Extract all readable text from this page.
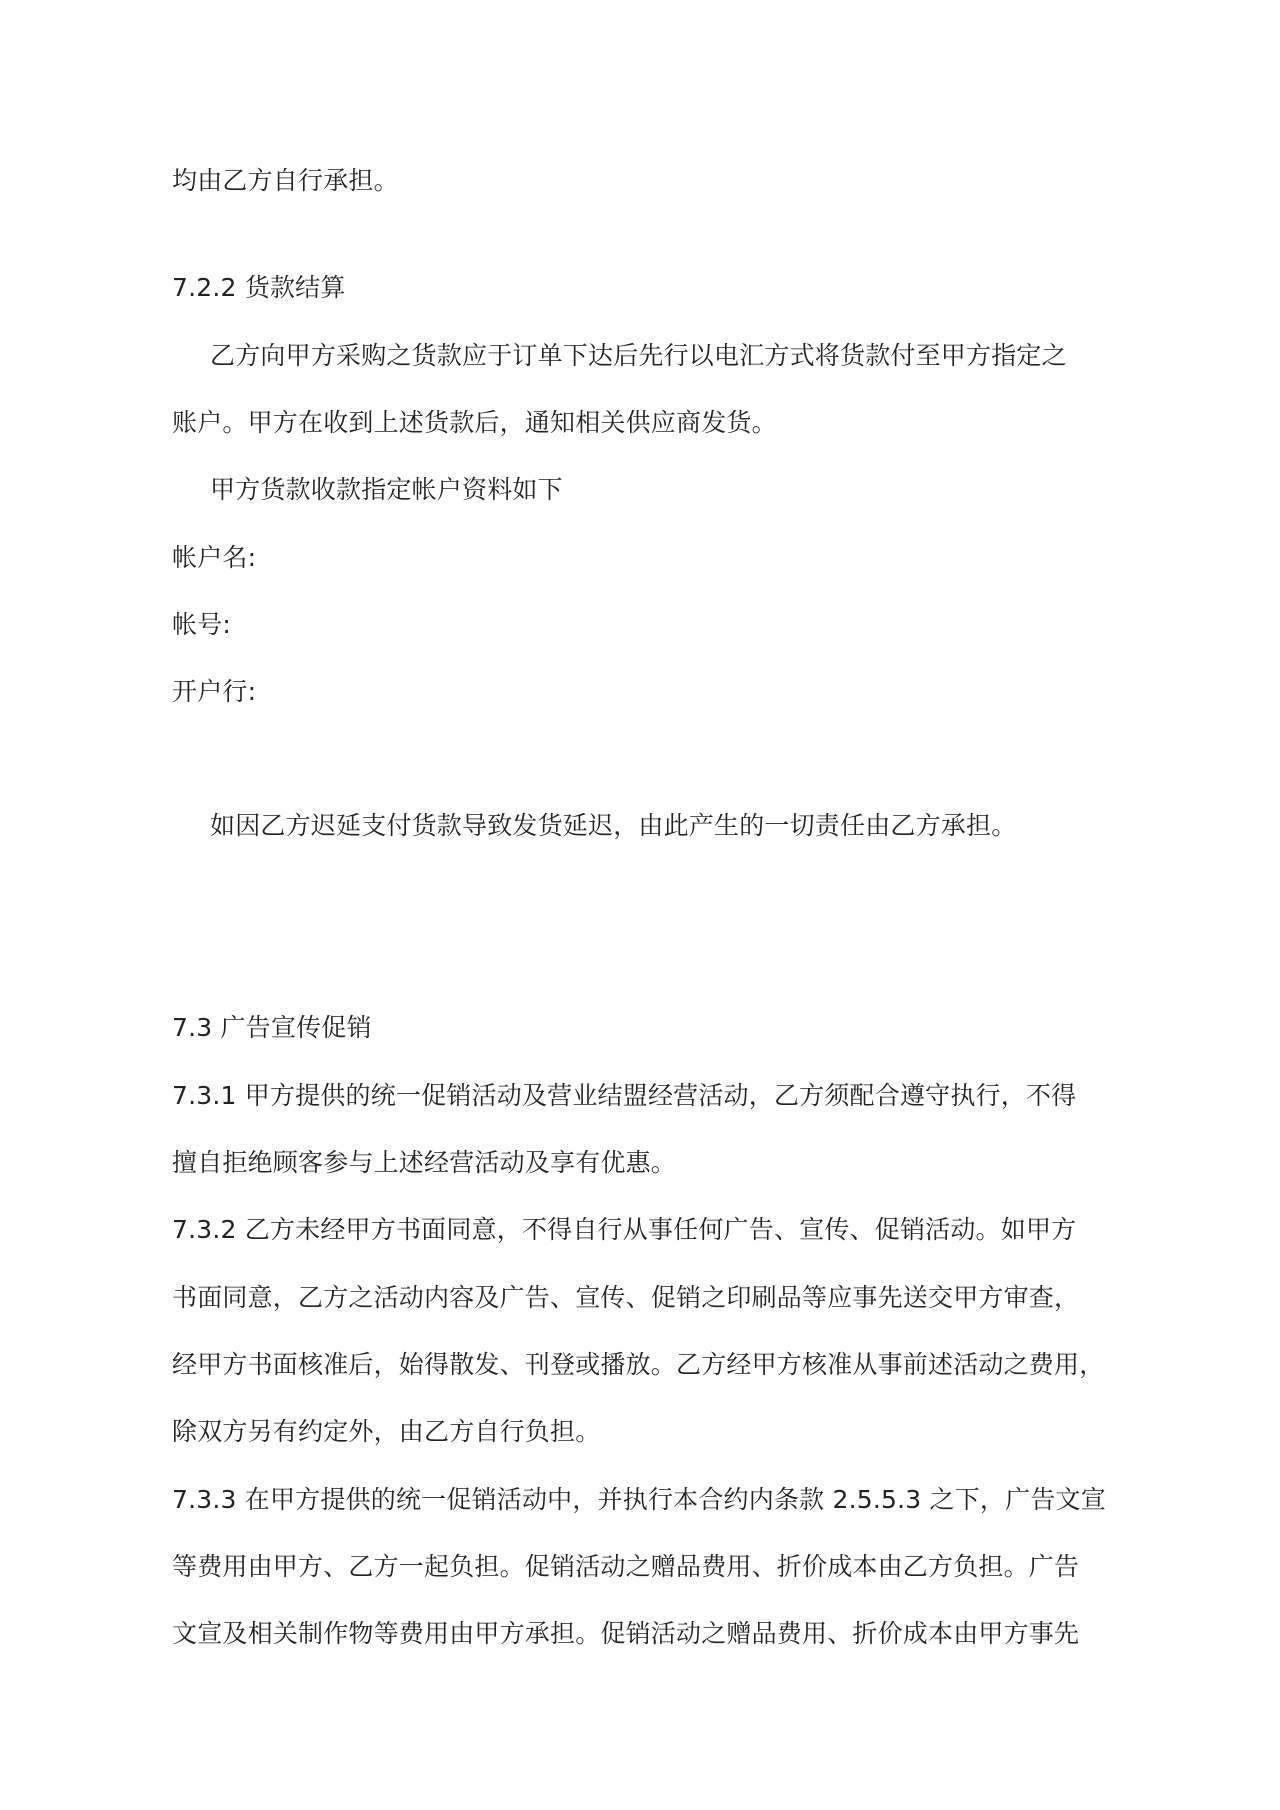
均由乙方自行承担。

7.2.2 货款结算

乙方向甲方采购之货款应于订单下达后先行以电汇方式将货款付至甲方指定之

账户。甲方在收到上述货款后，通知相关供应商发货。

甲方货款收款指定帐户资料如下

帐户名:

帐号:

开户行:

如因乙方迟延支付货款导致发货延迟，由此产生的一切责任由乙方承担。

7.3 广告宣传促销

7.3.1 甲方提供的统一促销活动及营业结盟经营活动，乙方须配合遵守执行，不得

擅自拒绝顾客参与上述经营活动及享有优惠。

7.3.2 乙方未经甲方书面同意，不得自行从事任何广告、宣传、促销活动。如甲方

书面同意，乙方之活动内容及广告、宣传、促销之印刷品等应事先送交甲方审查，

经甲方书面核准后，始得散发、刊登或播放。乙方经甲方核准从事前述活动之费用，

除双方另有约定外，由乙方自行负担。

7.3.3 在甲方提供的统一促销活动中，并执行本合约内条款 2.5.5.3 之下，广告文宣

等费用由甲方、乙方一起负担。促销活动之赠品费用、折价成本由乙方负担。广告

文宣及相关制作物等费用由甲方承担。促销活动之赠品费用、折价成本由甲方事先
